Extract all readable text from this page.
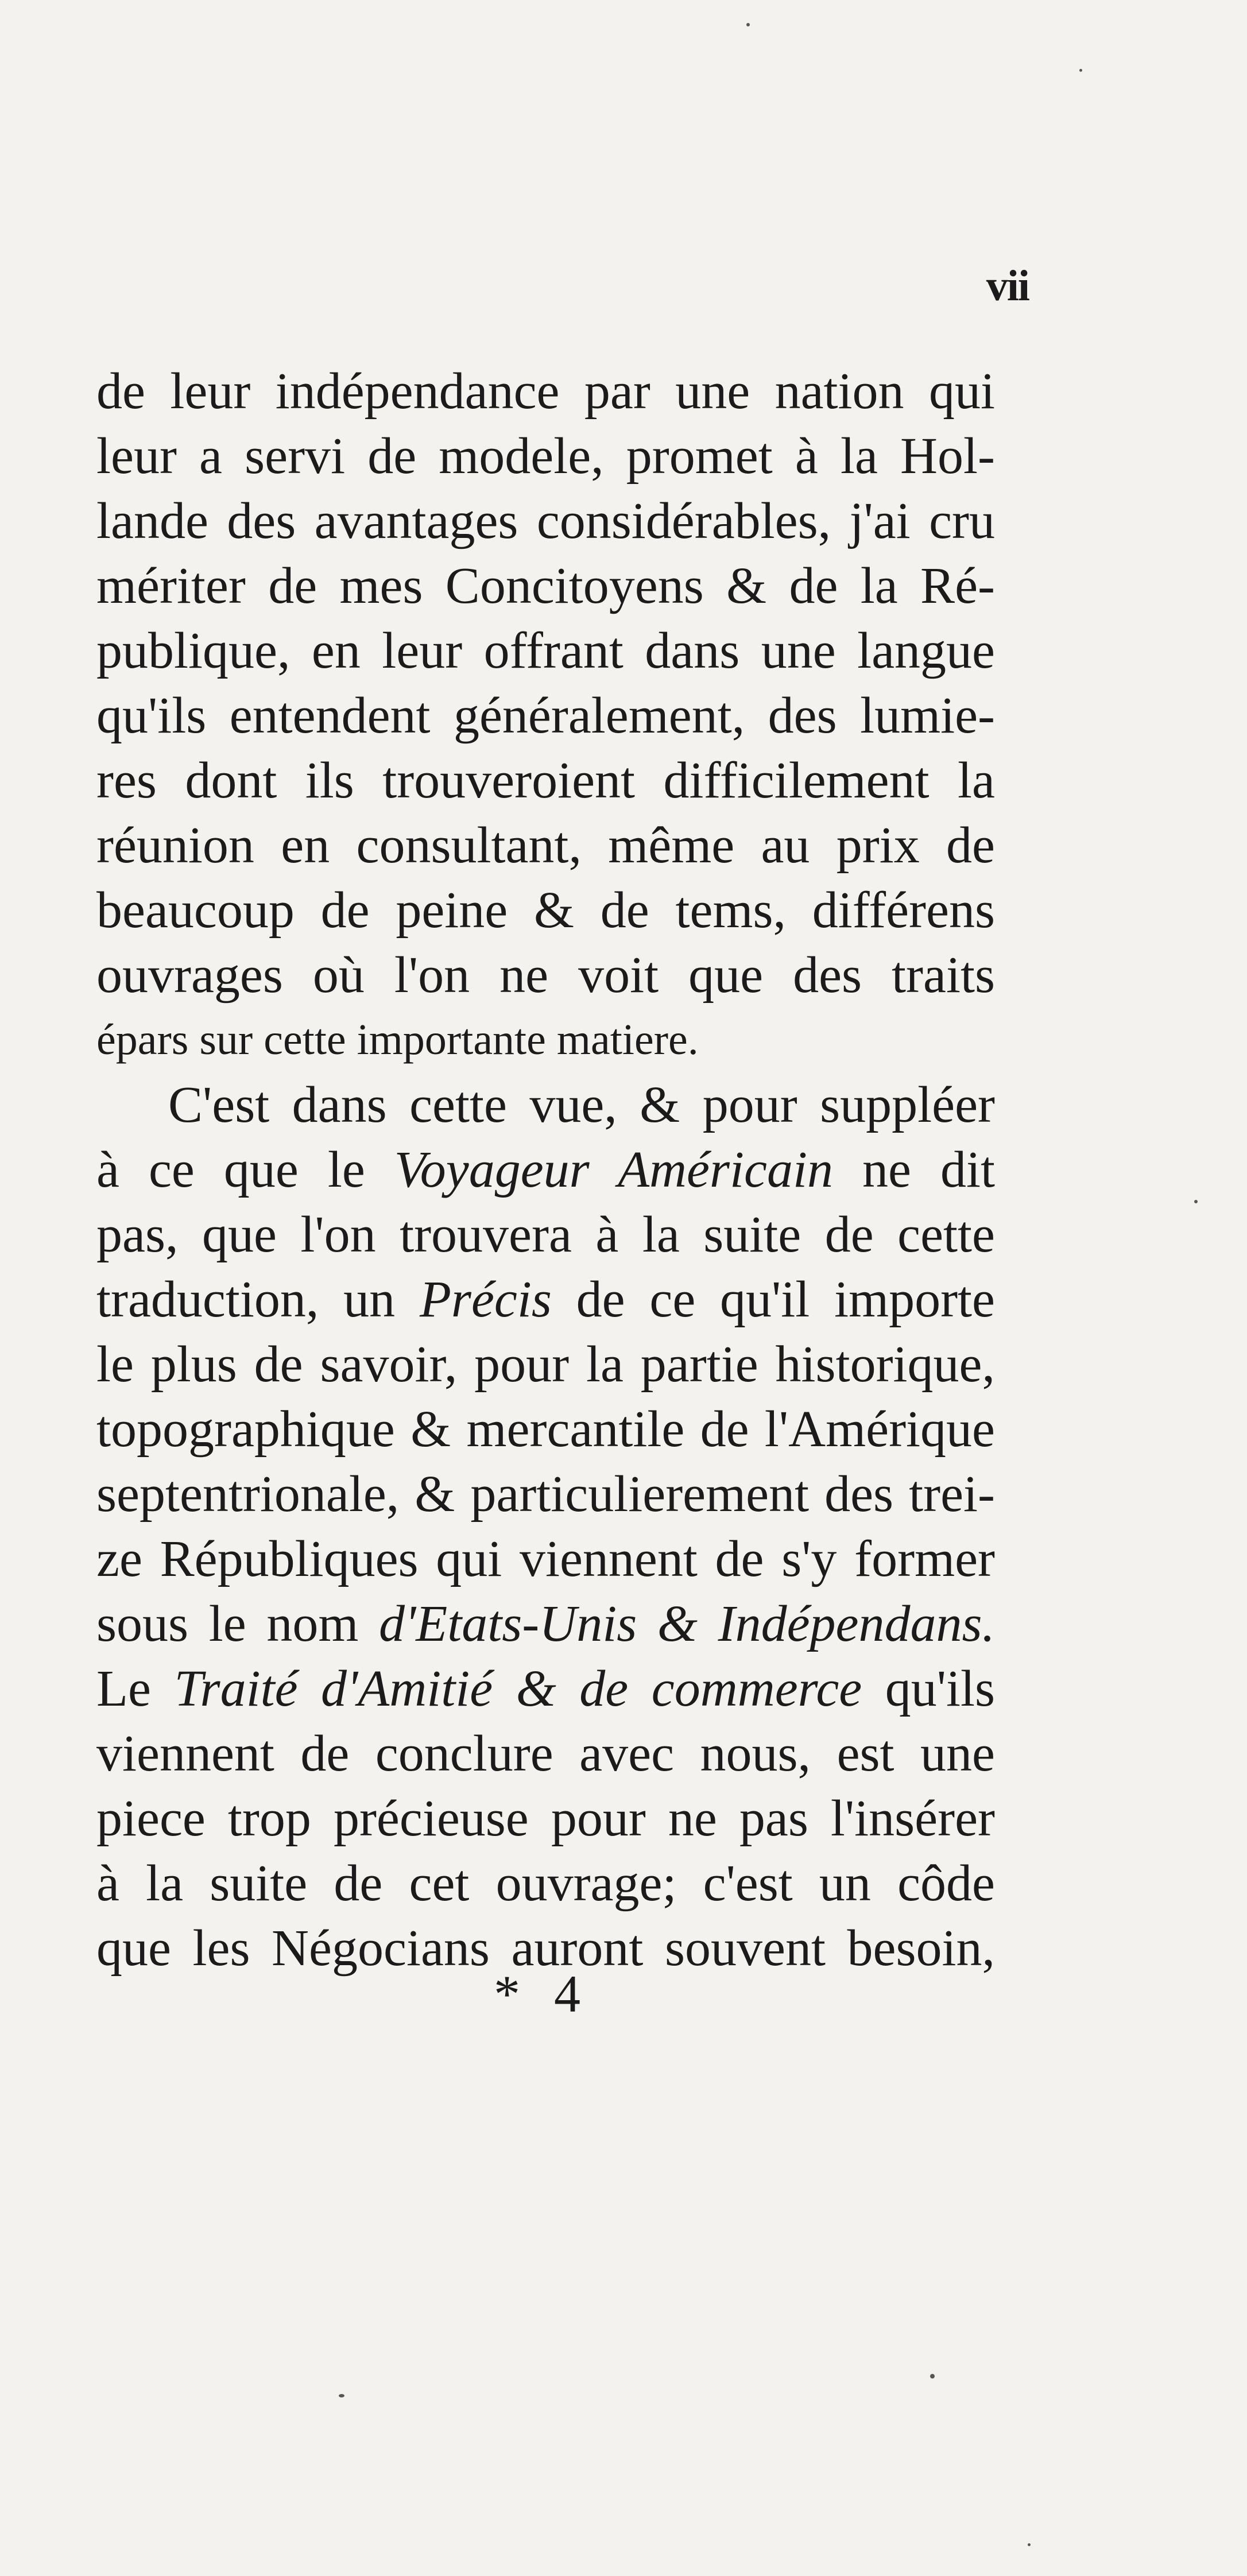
vii
de leur indépendance par une nation qui
leur a servi de modele, promet à la Hol-
lande des avantages considérables, j'ai cru
mériter de mes Concitoyens & de la Ré-
publique, en leur offrant dans une langue
qu'ils entendent généralement, des lumie-
res dont ils trouveroient difficilement la
réunion en consultant, même au prix de
beaucoup de peine & de tems, différens
ouvrages où l'on ne voit que des traits
épars sur cette importante matiere.
C'est dans cette vue, & pour suppléer
à ce que le Voyageur Américain ne dit
pas, que l'on trouvera à la suite de cette
traduction, un Précis de ce qu'il importe
le plus de savoir, pour la partie historique,
topographique & mercantile de l'Amérique
septentrionale, & particulierement des trei-
ze Républiques qui viennent de s'y former
sous le nom d'Etats-Unis & Indépendans.
Le Traité d'Amitié & de commerce qu'ils
viennent de conclure avec nous, est une
piece trop précieuse pour ne pas l'insérer
à la suite de cet ouvrage; c'est un côde
que les Négocians auront souvent besoin,
* 4
